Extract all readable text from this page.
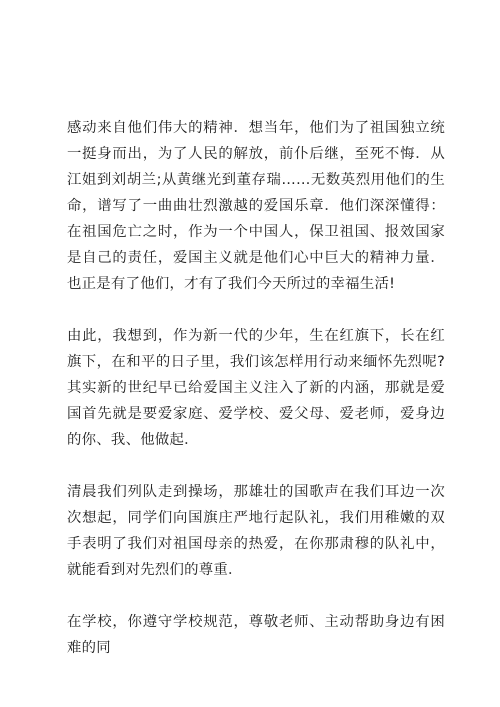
感动来自他们伟大的精神．想当年，他们为了祖国独立统一挺身而出，为了人民的解放，前仆后继，至死不悔．从江姐到刘胡兰;从黄继光到董存瑞……无数英烈用他们的生命，谱写了一曲曲壮烈激越的爱国乐章．他们深深懂得：在祖国危亡之时，作为一个中国人，保卫祖国、报效国家是自己的责任，爱国主义就是他们心中巨大的精神力量．也正是有了他们，才有了我们今天所过的幸福生活!

由此，我想到，作为新一代的少年，生在红旗下，长在红旗下，在和平的日子里，我们该怎样用行动来缅怀先烈呢?其实新的世纪早已给爱国主义注入了新的内涵，那就是爱国首先就是要爱家庭、爱学校、爱父母、爱老师，爱身边的你、我、他做起．

清晨我们列队走到操场，那雄壮的国歌声在我们耳边一次次想起，同学们向国旗庄严地行起队礼，我们用稚嫩的双手表明了我们对祖国母亲的热爱，在你那肃穆的队礼中，就能看到对先烈们的尊重．

在学校，你遵守学校规范，尊敬老师、主动帮助身边有困难的同
